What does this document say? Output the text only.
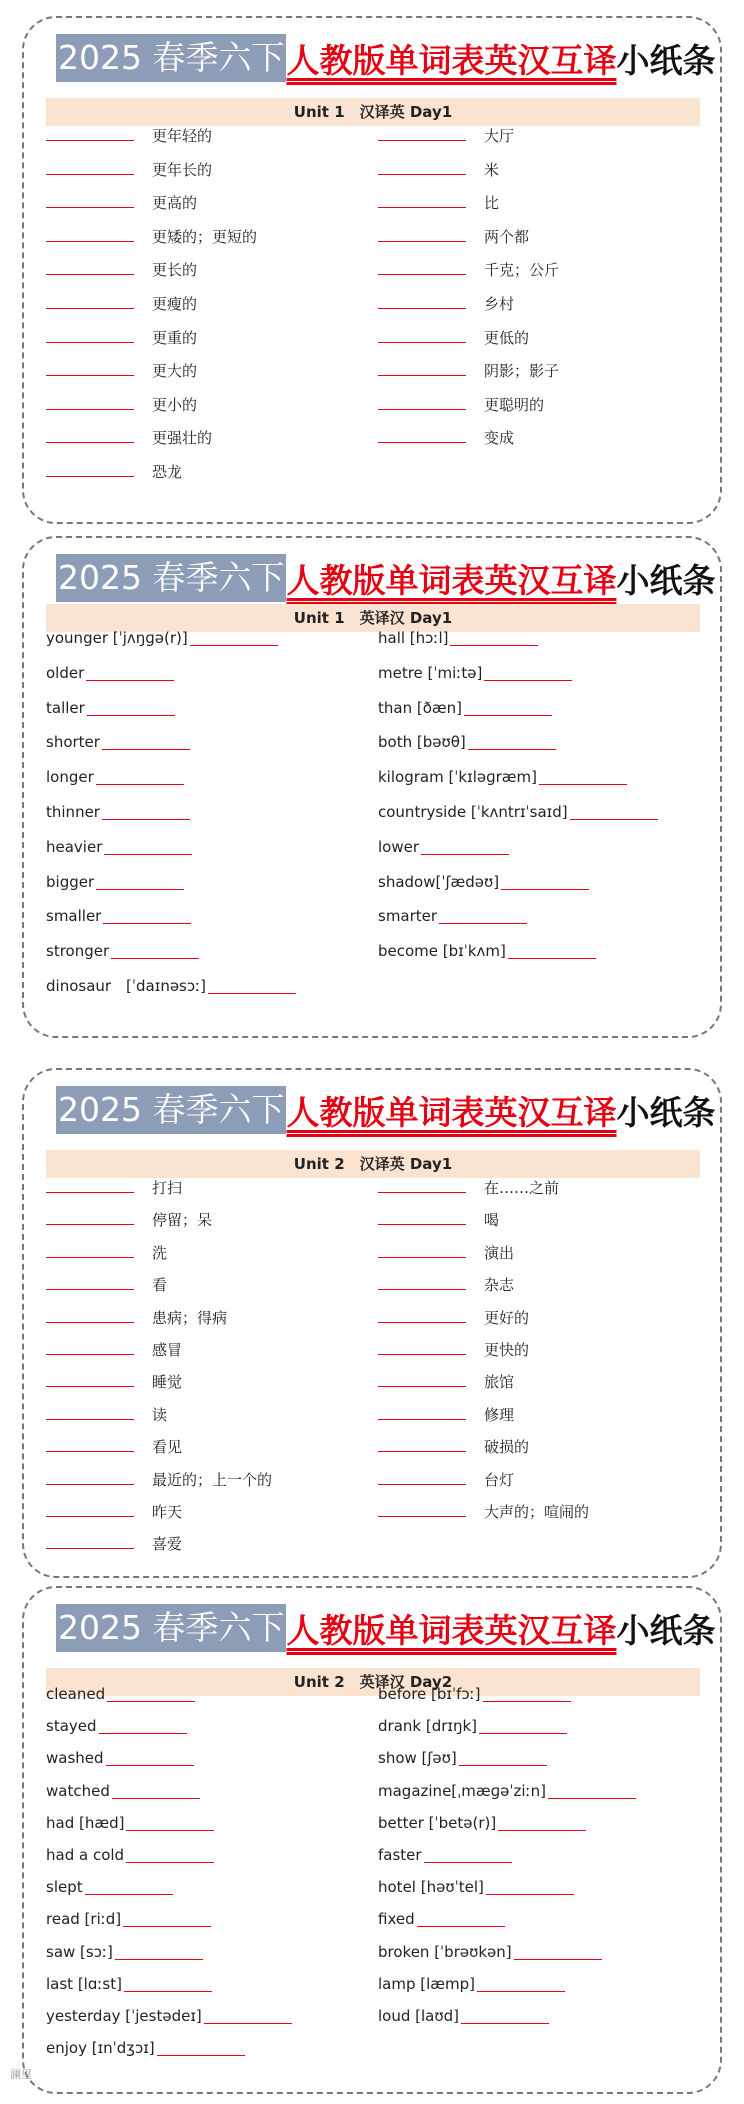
2025 春季六下 人教版单词表英汉互译 小纸条
Unit 1　汉译英 Day1
更年轻的
更年长的
更高的
更矮的；更短的
更长的
更瘦的
更重的
更大的
更小的
更强壮的
恐龙
大厅
米
比
两个都
千克；公斤
乡村
更低的
阴影；影子
更聪明的
变成
2025 春季六下 人教版单词表英汉互译 小纸条
Unit 1　英译汉 Day1
younger [ˈjʌŋɡə(r)]
older
taller
shorter
longer
thinner
heavier
bigger
smaller
stronger
dinosaur　[ˈdaɪnəsɔː]
hall [hɔːl]
metre [ˈmiːtə]
than [ðæn]
both [bəʊθ]
kilogram [ˈkɪləɡræm]
countryside [ˈkʌntrɪˈsaɪd]
lower
shadow[ˈʃædəʊ]
smarter
become [bɪˈkʌm]
2025 春季六下 人教版单词表英汉互译 小纸条
Unit 2　汉译英 Day1
打扫
停留；呆
洗
看
患病；得病
感冒
睡觉
读
看见
最近的；上一个的
昨天
喜爱
在……之前
喝
演出
杂志
更好的
更快的
旅馆
修理
破损的
台灯
大声的；喧闹的
2025 春季六下 人教版单词表英汉互译 小纸条
Unit 2　英译汉 Day2
cleaned
stayed
washed
watched
had [hæd]
had a cold
slept
read [riːd]
saw [sɔː]
last [lɑːst]
yesterday [ˈjestədeɪ]
enjoy [ɪnˈdʒɔɪ]
before [bɪˈfɔː]
drank [drɪŋk]
show [ʃəʊ]
magazine[ˌmæɡəˈziːn]
better [ˈbetə(r)]
faster
hotel [həʊˈtel]
fixed
broken [ˈbrəʊkən]
lamp [læmp]
loud [laʊd]
澜里
